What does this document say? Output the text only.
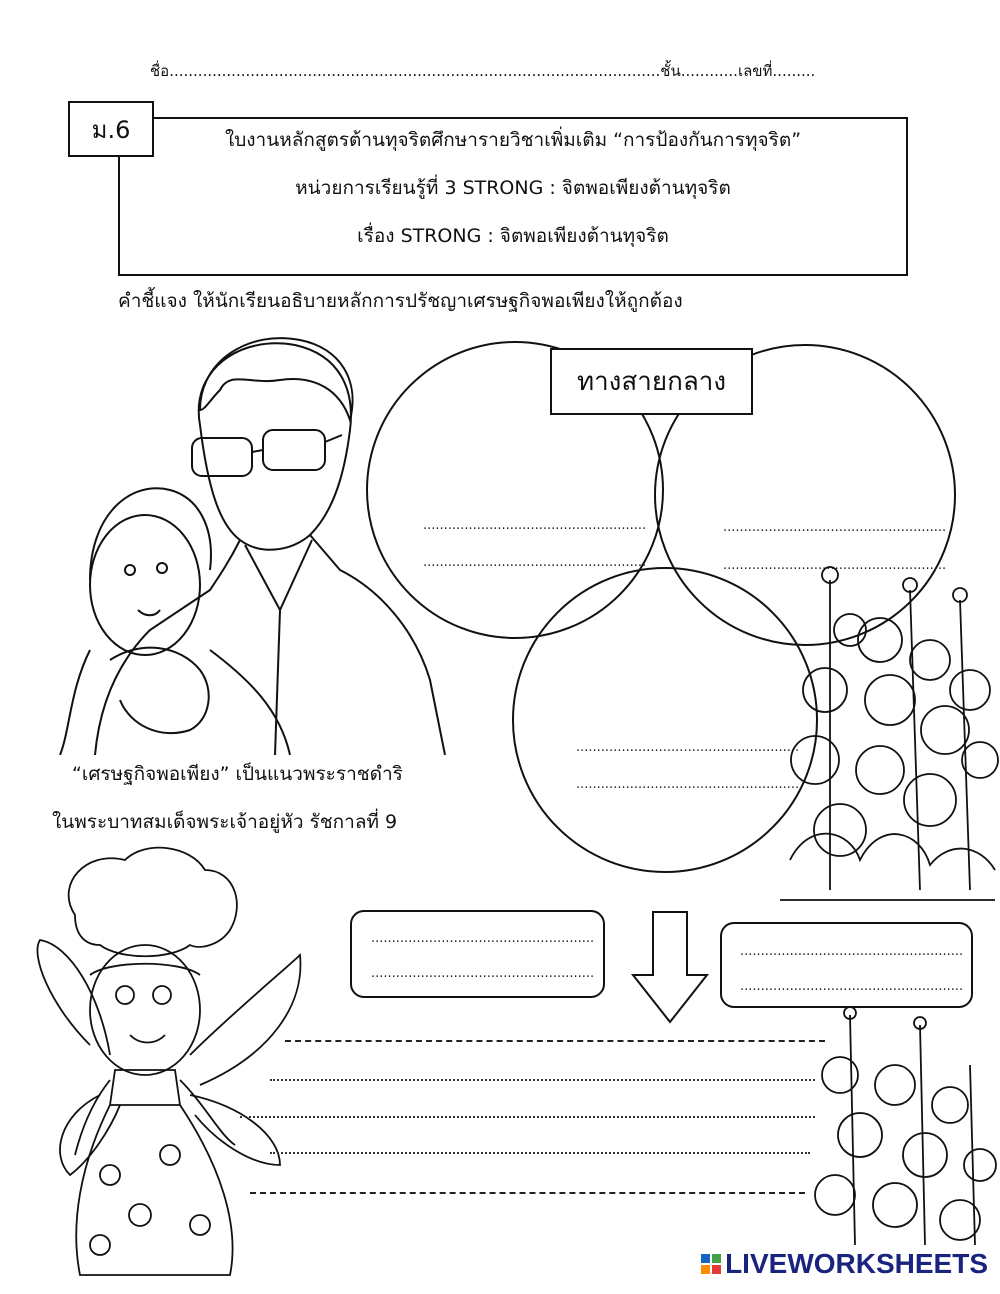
ชื่อ.......................................................................................................ชั้น............เลขที่.........
ม.6	ใบงานหลักสูตรต้านทุจริตศึกษารายวิชาเพิ่มเติม “การป้องกันการทุจริต”
หน่วยการเรียนรู้ที่ 3 STRONG : จิตพอเพียงต้านทุจริต
เรื่อง STRONG : จิตพอเพียงต้านทุจริต
คำชี้แจง ให้นักเรียนอธิบายหลักการปรัชญาเศรษฐกิจพอเพียงให้ถูกต้อง
“เศรษฐกิจพอเพียง” เป็นแนวพระราชดำริ
ในพระบาทสมเด็จพระเจ้าอยู่หัว รัชกาลที่ 9
ทางสายกลาง
......................................................
......................................................
......................................................
......................................................
......................................................
......................................................
......................................................
......................................................
......................................................
......................................................
LIVEWORKSHEETS
